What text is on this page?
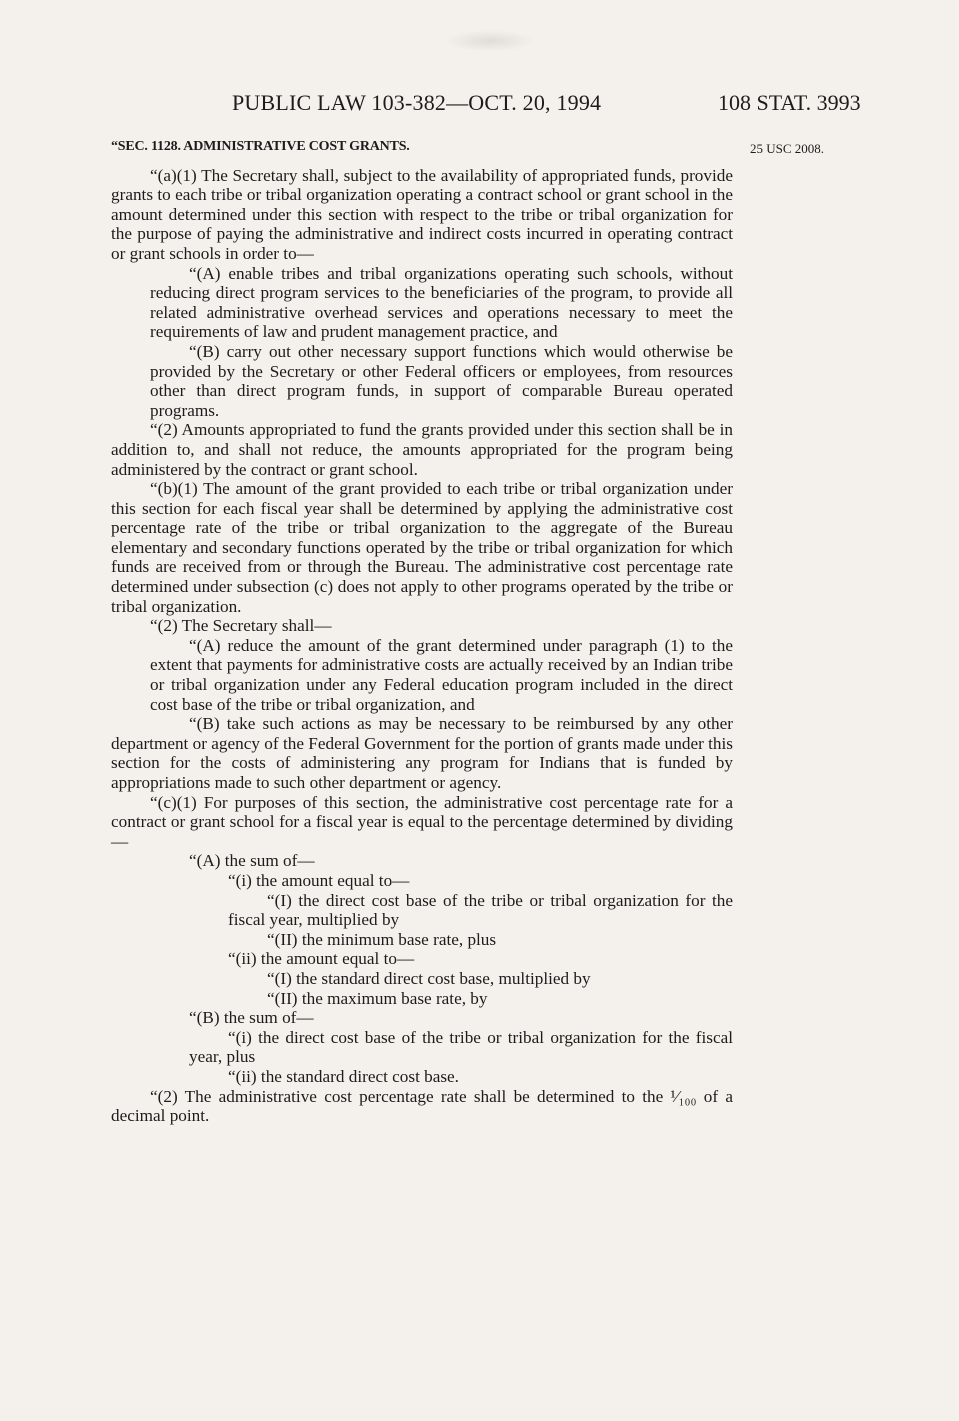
PUBLIC LAW 103-382—OCT. 20, 1994	108 STAT. 3993
25 USC 2008.

“SEC. 1128. ADMINISTRATIVE COST GRANTS.

“(a)(1) The Secretary shall, subject to the availability of appropriated funds, provide grants to each tribe or tribal organization operating a contract school or grant school in the amount determined under this section with respect to the tribe or tribal organization for the purpose of paying the administrative and indirect costs incurred in operating contract or grant schools in order to—

“(A) enable tribes and tribal organizations operating such schools, without reducing direct program services to the beneficiaries of the program, to provide all related administrative overhead services and operations necessary to meet the requirements of law and prudent management practice, and

“(B) carry out other necessary support functions which would otherwise be provided by the Secretary or other Federal officers or employees, from resources other than direct program funds, in support of comparable Bureau operated programs.

“(2) Amounts appropriated to fund the grants provided under this section shall be in addition to, and shall not reduce, the amounts appropriated for the program being administered by the contract or grant school.

“(b)(1) The amount of the grant provided to each tribe or tribal organization under this section for each fiscal year shall be determined by applying the administrative cost percentage rate of the tribe or tribal organization to the aggregate of the Bureau elementary and secondary functions operated by the tribe or tribal organization for which funds are received from or through the Bureau. The administrative cost percentage rate determined under subsection (c) does not apply to other programs operated by the tribe or tribal organization.

“(2) The Secretary shall—

“(A) reduce the amount of the grant determined under paragraph (1) to the extent that payments for administrative costs are actually received by an Indian tribe or tribal organization under any Federal education program included in the direct cost base of the tribe or tribal organization, and

“(B) take such actions as may be necessary to be reimbursed by any other department or agency of the Federal Government for the portion of grants made under this section for the costs of administering any program for Indians that is funded by appropriations made to such other department or agency.

“(c)(1) For purposes of this section, the administrative cost percentage rate for a contract or grant school for a fiscal year is equal to the percentage determined by dividing—

“(A) the sum of—

“(i) the amount equal to—

“(I) the direct cost base of the tribe or tribal organization for the fiscal year, multiplied by

“(II) the minimum base rate, plus

“(ii) the amount equal to—

“(I) the standard direct cost base, multiplied by

“(II) the maximum base rate, by

“(B) the sum of—

“(i) the direct cost base of the tribe or tribal organization for the fiscal year, plus

“(ii) the standard direct cost base.

“(2) The administrative cost percentage rate shall be determined to the ¹⁄₁₀₀ of a decimal point.
